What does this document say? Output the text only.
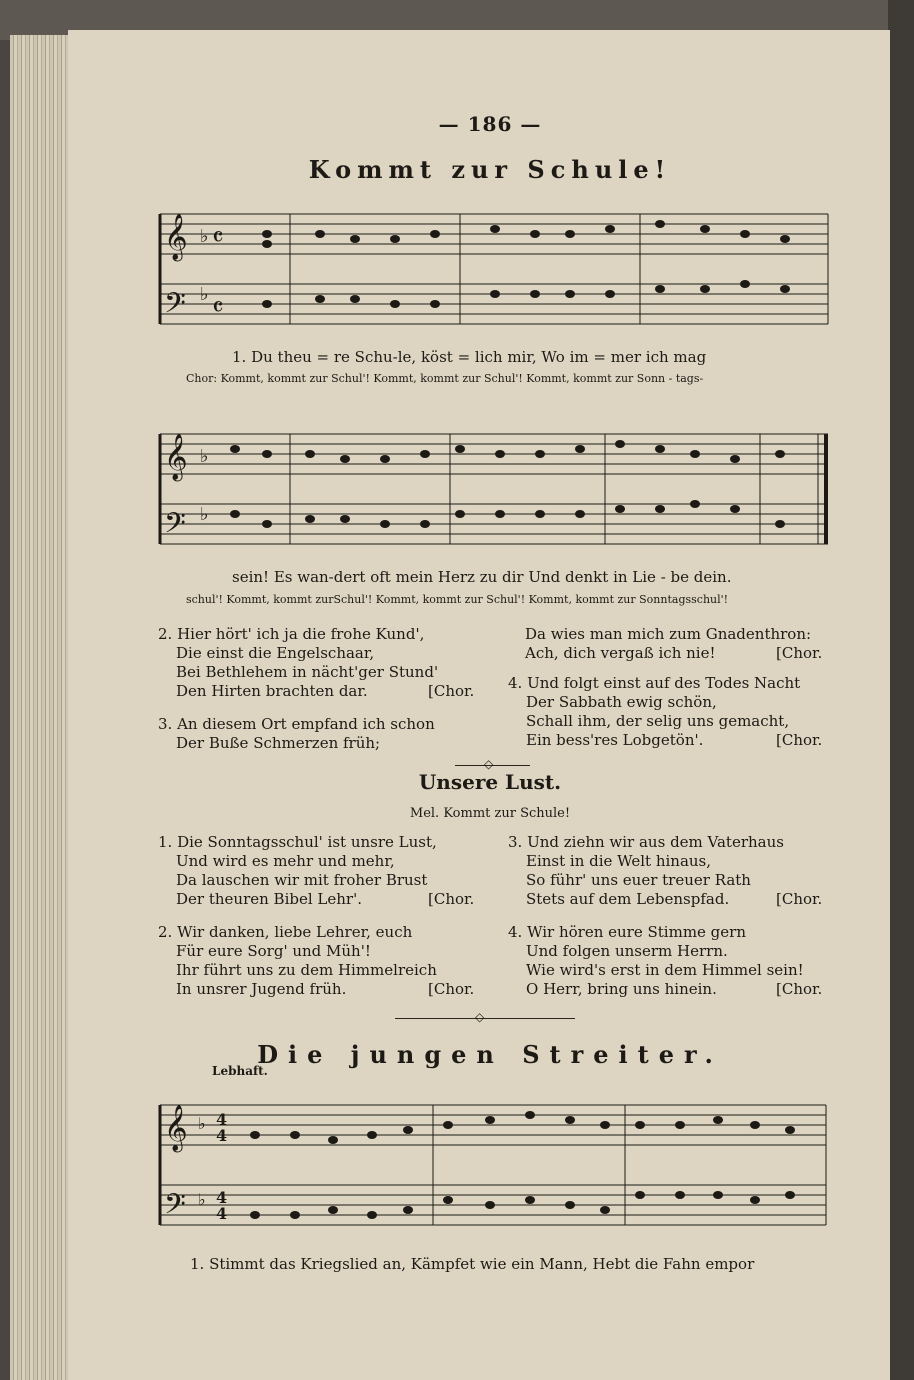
— 186 —
Kommt zur Schule!
𝄞
𝄢
♭
♭
𝄴
𝄴
1. Du theu = re Schu-le, köst = lich mir, Wo im = mer ich mag
Chor: Kommt, kommt zur Schul'! Kommt, kommt zur Schul'! Kommt, kommt zur Sonn - tags-
𝄞
𝄢
♭
♭
sein! Es wan-dert oft mein Herz zu dir Und denkt in Lie - be dein.
schul'! Kommt, kommt zurSchul'! Kommt, kommt zur Schul'! Kommt, kommt zur Sonntagsschul'!
2. Hier hört' ich ja die frohe Kund',
Die einst die Engelschaar,
Bei Bethlehem in nächt'ger Stund'
Den Hirten brachten dar.	[Chor.
3. An diesem Ort empfand ich schon
Der Buße Schmerzen früh;
Da wies man mich zum Gnadenthron:
Ach, dich vergaß ich nie!	[Chor.
4. Und folgt einst auf des Todes Nacht
Der Sabbath ewig schön,
Schall ihm, der selig uns gemacht,
Ein bess'res Lobgetön'.	[Chor.
◇
Unsere Lust.
Mel. Kommt zur Schule!
1. Die Sonntagsschul' ist unsre Lust,
Und wird es mehr und mehr,
Da lauschen wir mit froher Brust
Der theuren Bibel Lehr'.	[Chor.
2. Wir danken, liebe Lehrer, euch
Für eure Sorg' und Müh'!
Ihr führt uns zu dem Himmelreich
In unsrer Jugend früh.	[Chor.
3. Und ziehn wir aus dem Vaterhaus
Einst in die Welt hinaus,
So führ' uns euer treuer Rath
Stets auf dem Lebenspfad.	[Chor.
4. Wir hören eure Stimme gern
Und folgen unserm Herrn.
Wie wird's erst in dem Himmel sein!
O Herr, bring uns hinein.	[Chor.
◇
Die jungen Streiter.
Lebhaft.
𝄞
𝄢
♭
♭
4
4
4
4
1. Stimmt das Kriegslied an, Kämpfet wie ein Mann, Hebt die Fahn empor
